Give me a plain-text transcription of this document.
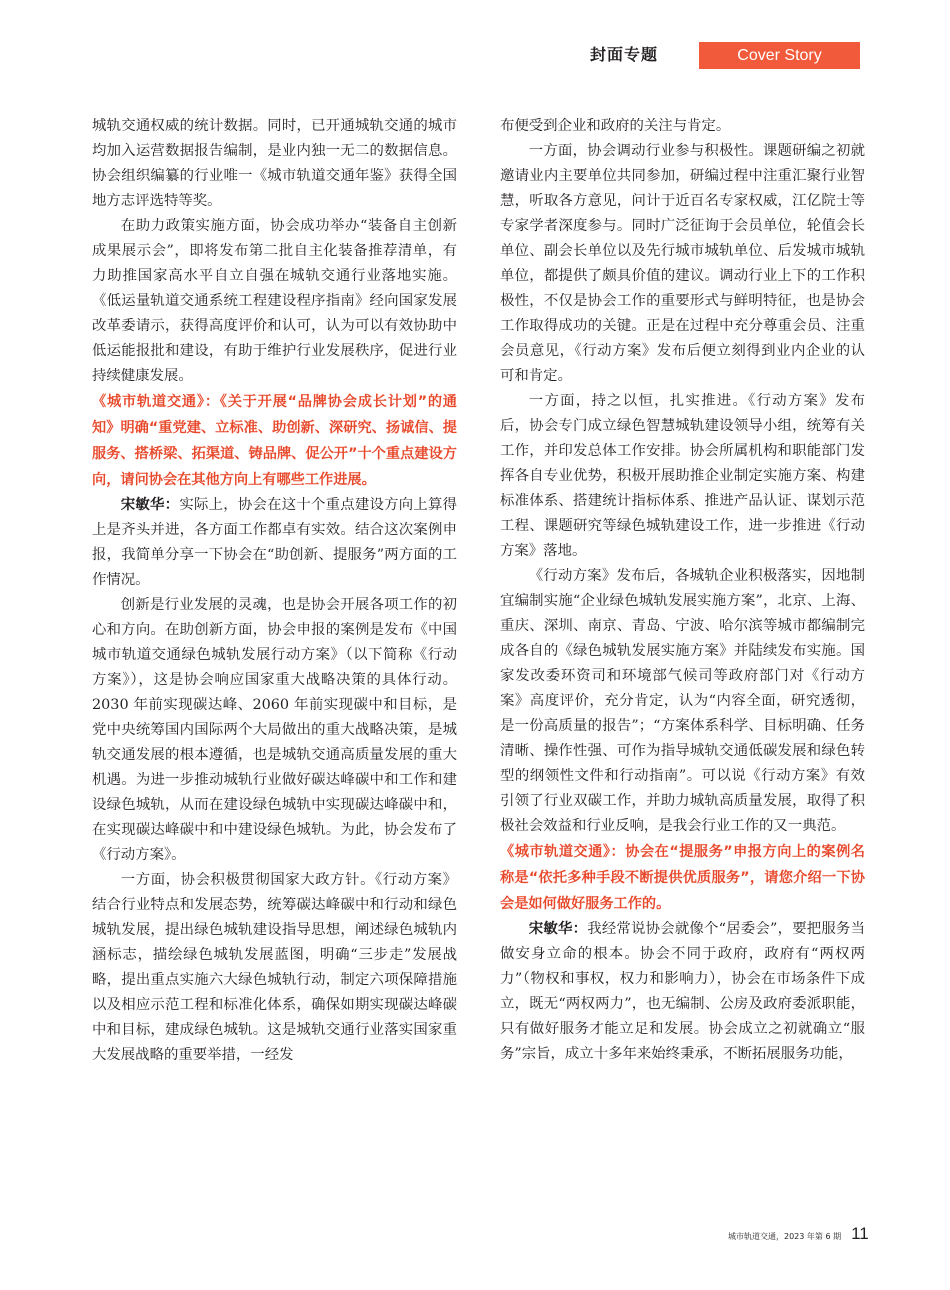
封面专题	Cover Story

城轨交通权威的统计数据。同时，已开通城轨交通的城市均加入运营数据报告编制，是业内独一无二的数据信息。协会组织编纂的行业唯一《城市轨道交通年鉴》获得全国地方志评选特等奖。

在助力政策实施方面，协会成功举办“装备自主创新成果展示会”，即将发布第二批自主化装备推荐清单，有力助推国家高水平自立自强在城轨交通行业落地实施。《低运量轨道交通系统工程建设程序指南》经向国家发展改革委请示，获得高度评价和认可，认为可以有效协助中低运能报批和建设，有助于维护行业发展秩序，促进行业持续健康发展。

《城市轨道交通》：《关于开展“品牌协会成长计划”的通知》明确“重党建、立标准、助创新、深研究、扬诚信、提服务、搭桥梁、拓渠道、铸品牌、促公开”十个重点建设方向，请问协会在其他方向上有哪些工作进展。

宋敏华：实际上，协会在这十个重点建设方向上算得上是齐头并进，各方面工作都卓有实效。结合这次案例申报，我简单分享一下协会在“助创新、提服务”两方面的工作情况。

创新是行业发展的灵魂，也是协会开展各项工作的初心和方向。在助创新方面，协会申报的案例是发布《中国城市轨道交通绿色城轨发展行动方案》（以下简称《行动方案》），这是协会响应国家重大战略决策的具体行动。2030 年前实现碳达峰、2060 年前实现碳中和目标，是党中央统筹国内国际两个大局做出的重大战略决策，是城轨交通发展的根本遵循，也是城轨交通高质量发展的重大机遇。为进一步推动城轨行业做好碳达峰碳中和工作和建设绿色城轨，从而在建设绿色城轨中实现碳达峰碳中和，在实现碳达峰碳中和中建设绿色城轨。为此，协会发布了《行动方案》。

一方面，协会积极贯彻国家大政方针。《行动方案》结合行业特点和发展态势，统筹碳达峰碳中和行动和绿色城轨发展，提出绿色城轨建设指导思想，阐述绿色城轨内涵标志，描绘绿色城轨发展蓝图，明确“三步走”发展战略，提出重点实施六大绿色城轨行动，制定六项保障措施以及相应示范工程和标准化体系，确保如期实现碳达峰碳中和目标，建成绿色城轨。这是城轨交通行业落实国家重大发展战略的重要举措，一经发

布便受到企业和政府的关注与肯定。

一方面，协会调动行业参与积极性。课题研编之初就邀请业内主要单位共同参加，研编过程中注重汇聚行业智慧，听取各方意见，问计于近百名专家权威，江亿院士等专家学者深度参与。同时广泛征询于会员单位，轮值会长单位、副会长单位以及先行城市城轨单位、后发城市城轨单位，都提供了颇具价值的建议。调动行业上下的工作积极性，不仅是协会工作的重要形式与鲜明特征，也是协会工作取得成功的关键。正是在过程中充分尊重会员、注重会员意见，《行动方案》发布后便立刻得到业内企业的认可和肯定。

一方面，持之以恒，扎实推进。《行动方案》发布后，协会专门成立绿色智慧城轨建设领导小组，统筹有关工作，并印发总体工作安排。协会所属机构和职能部门发挥各自专业优势，积极开展助推企业制定实施方案、构建标准体系、搭建统计指标体系、推进产品认证、谋划示范工程、课题研究等绿色城轨建设工作，进一步推进《行动方案》落地。

《行动方案》发布后，各城轨企业积极落实，因地制宜编制实施“企业绿色城轨发展实施方案”，北京、上海、重庆、深圳、南京、青岛、宁波、哈尔滨等城市都编制完成各自的《绿色城轨发展实施方案》并陆续发布实施。国家发改委环资司和环境部气候司等政府部门对《行动方案》高度评价，充分肯定，认为“内容全面，研究透彻，是一份高质量的报告”；“方案体系科学、目标明确、任务清晰、操作性强、可作为指导城轨交通低碳发展和绿色转型的纲领性文件和行动指南”。可以说《行动方案》有效引领了行业双碳工作，并助力城轨高质量发展，取得了积极社会效益和行业反响，是我会行业工作的又一典范。

《城市轨道交通》：协会在“提服务”申报方向上的案例名称是“依托多种手段不断提供优质服务”，请您介绍一下协会是如何做好服务工作的。

宋敏华：我经常说协会就像个“居委会”，要把服务当做安身立命的根本。协会不同于政府，政府有“两权两力”（物权和事权，权力和影响力），协会在市场条件下成立，既无“两权两力”，也无编制、公房及政府委派职能，只有做好服务才能立足和发展。协会成立之初就确立“服务”宗旨，成立十多年来始终秉承，不断拓展服务功能，

城市轨道交通，2023 年第 6 期 11
